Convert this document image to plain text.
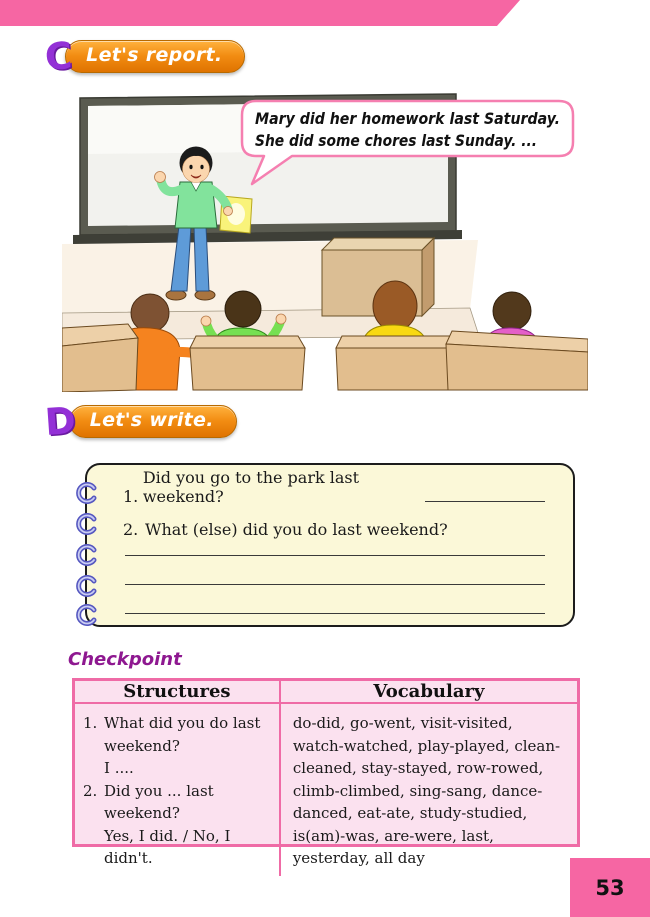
C Let's report.
Mary did her homework last Saturday.
She did some chores last Sunday. ...
D Let's write.
1.
Did you go to the park last weekend?
2. What (else) did you do last weekend?
Checkpoint
Structures	Vocabulary
1. What did you do last weekend?
I ....
2. Did you ... last weekend?
Yes, I did. / No, I didn't.
do-did, go-went, visit-visited, watch-watched, play-played, clean-cleaned, stay-stayed, row-rowed, climb-climbed, sing-sang, dance-danced, eat-ate, study-studied, is(am)-was, are-were, last, yesterday, all day
53
